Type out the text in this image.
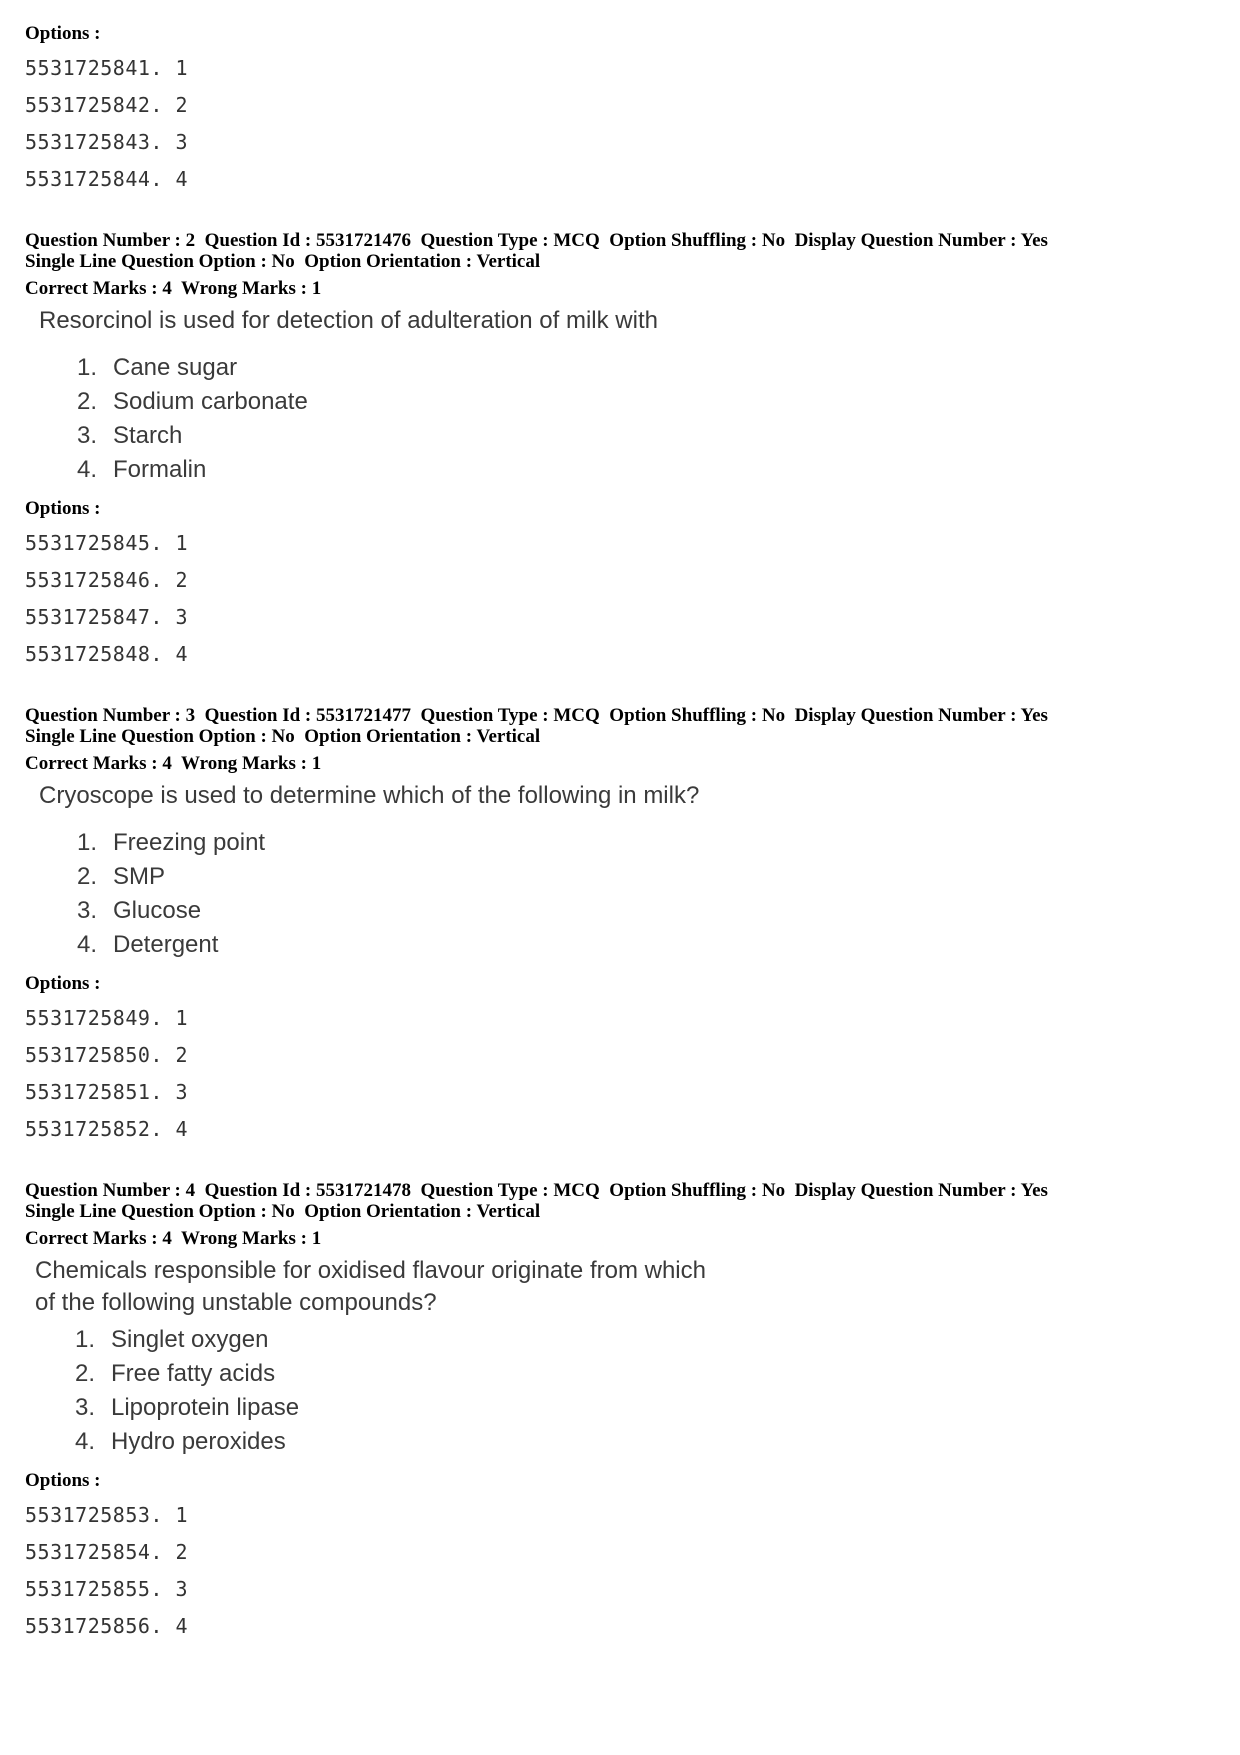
Options :
5531725841 . 1
5531725842 . 2
5531725843 . 3
5531725844 . 4
Question Number : 2  Question Id : 5531721476  Question Type : MCQ  Option Shuffling : No  Display Question Number : Yes
Single Line Question Option : No  Option Orientation : Vertical
Correct Marks : 4  Wrong Marks : 1
Resorcinol is used for detection of adulteration of milk with
1 . Cane sugar
2 . Sodium carbonate
3 . Starch
4 . Formalin
Options :
5531725845 . 1
5531725846 . 2
5531725847 . 3
5531725848 . 4
Question Number : 3  Question Id : 5531721477  Question Type : MCQ  Option Shuffling : No  Display Question Number : Yes
Single Line Question Option : No  Option Orientation : Vertical
Correct Marks : 4  Wrong Marks : 1
Cryoscope is used to determine which of the following in milk?
1 . Freezing point
2 . SMP
3 . Glucose
4 . Detergent
Options :
5531725849 . 1
5531725850 . 2
5531725851 . 3
5531725852 . 4
Question Number : 4  Question Id : 5531721478  Question Type : MCQ  Option Shuffling : No  Display Question Number : Yes
Single Line Question Option : No  Option Orientation : Vertical
Correct Marks : 4  Wrong Marks : 1
Chemicals responsible for oxidised flavour originate from which
of the following unstable compounds?
1 . Singlet oxygen
2 . Free fatty acids
3 . Lipoprotein lipase
4 . Hydro peroxides
Options :
5531725853 . 1
5531725854 . 2
5531725855 . 3
5531725856 . 4
